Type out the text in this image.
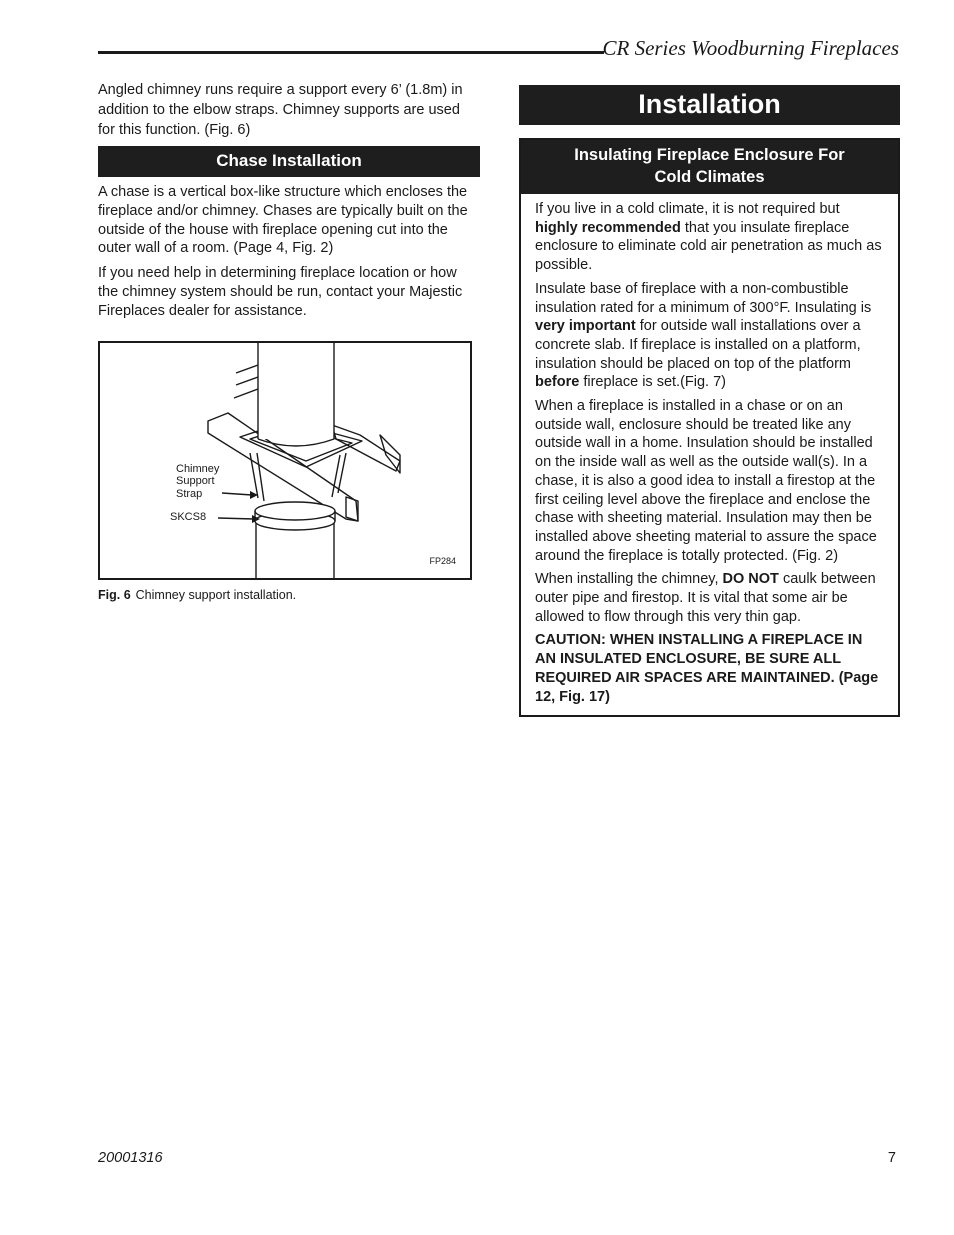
CR Series Woodburning Fireplaces

Angled chimney runs require a support every 6’ (1.8m) in addition to the elbow straps. Chimney supports are used for this function. (Fig. 6)

Chase Installation

A chase is a vertical box-like structure which encloses the fireplace and/or chimney. Chases are typically built on the outside of the house with fireplace opening cut into the outer wall of a room. (Page 4, Fig. 2)

If you need help in determining fireplace location or how the chimney system should be run, contact your Majestic Fireplaces dealer for assistance.

Chimney
Support
Strap
SKCS8
FP284
Fig. 6 Chimney support installation.
Installation
Insulating Fireplace Enclosure For
Cold Climates

If you live in a cold climate, it is not required but highly recommended that you insulate fireplace enclosure to eliminate cold air penetration as much as possible.

Insulate base of fireplace with a non-combustible insulation rated for a minimum of 300°F. Insulating is very important for outside wall installations over a concrete slab. If fireplace is installed on a platform, insulation should be placed on top of the platform before fireplace is set.(Fig. 7)

When a fireplace is installed in a chase or on an outside wall, enclosure should be treated like any outside wall in a home. Insulation should be installed on the inside wall as well as the outside wall(s). In a chase, it is also a good idea to install a firestop at the first ceiling level above the fireplace and enclose the chase with sheeting material. Insulation may then be installed above sheeting material to assure the space around the fireplace is totally protected. (Fig. 2)

When installing the chimney, DO NOT caulk between outer pipe and firestop. It is vital that some air be allowed to flow through this very thin gap.

CAUTION: WHEN INSTALLING A FIREPLACE IN AN INSULATED ENCLOSURE, BE SURE ALL REQUIRED AIR SPACES ARE MAINTAINED. (Page 12, Fig. 17)

20001316	7
